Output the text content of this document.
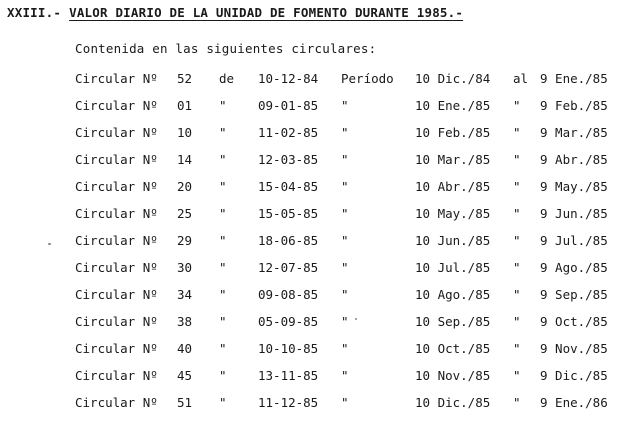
XXIII.- VALOR DIARIO DE LA UNIDAD DE FOMENTO DURANTE 1985.-
Contenida en las siguientes circulares:
Circular Nº 52	de 10-12-84 Período 10 Dic./84 al 9 Ene./85
Circular Nº 01	"	09-01-85 "	10 Ene./85 " 9 Feb./85
Circular Nº 10	"	11-02-85 "	10 Feb./85 " 9 Mar./85
Circular Nº 14	"	12-03-85 "	10 Mar./85 " 9 Abr./85
Circular Nº 20	"	15-04-85 "	10 Abr./85 " 9 May./85
Circular Nº 25	"	15-05-85 "	10 May./85 " 9 Jun./85
Circular Nº 29	"	18-06-85 "	10 Jun./85 " 9 Jul./85
Circular Nº 30	"	12-07-85 "	10 Jul./85 " 9 Ago./85
Circular Nº 34	"	09-08-85 "	10 Ago./85 " 9 Sep./85
Circular Nº 38	"	05-09-85 "	10 Sep./85 " 9 Oct./85
Circular Nº 40	"	10-10-85 "	10 Oct./85 " 9 Nov./85
Circular Nº 45	"	13-11-85 "	10 Nov./85 " 9 Dic./85
Circular Nº 51	"	11-12-85 "	10 Dic./85 " 9 Ene./86
